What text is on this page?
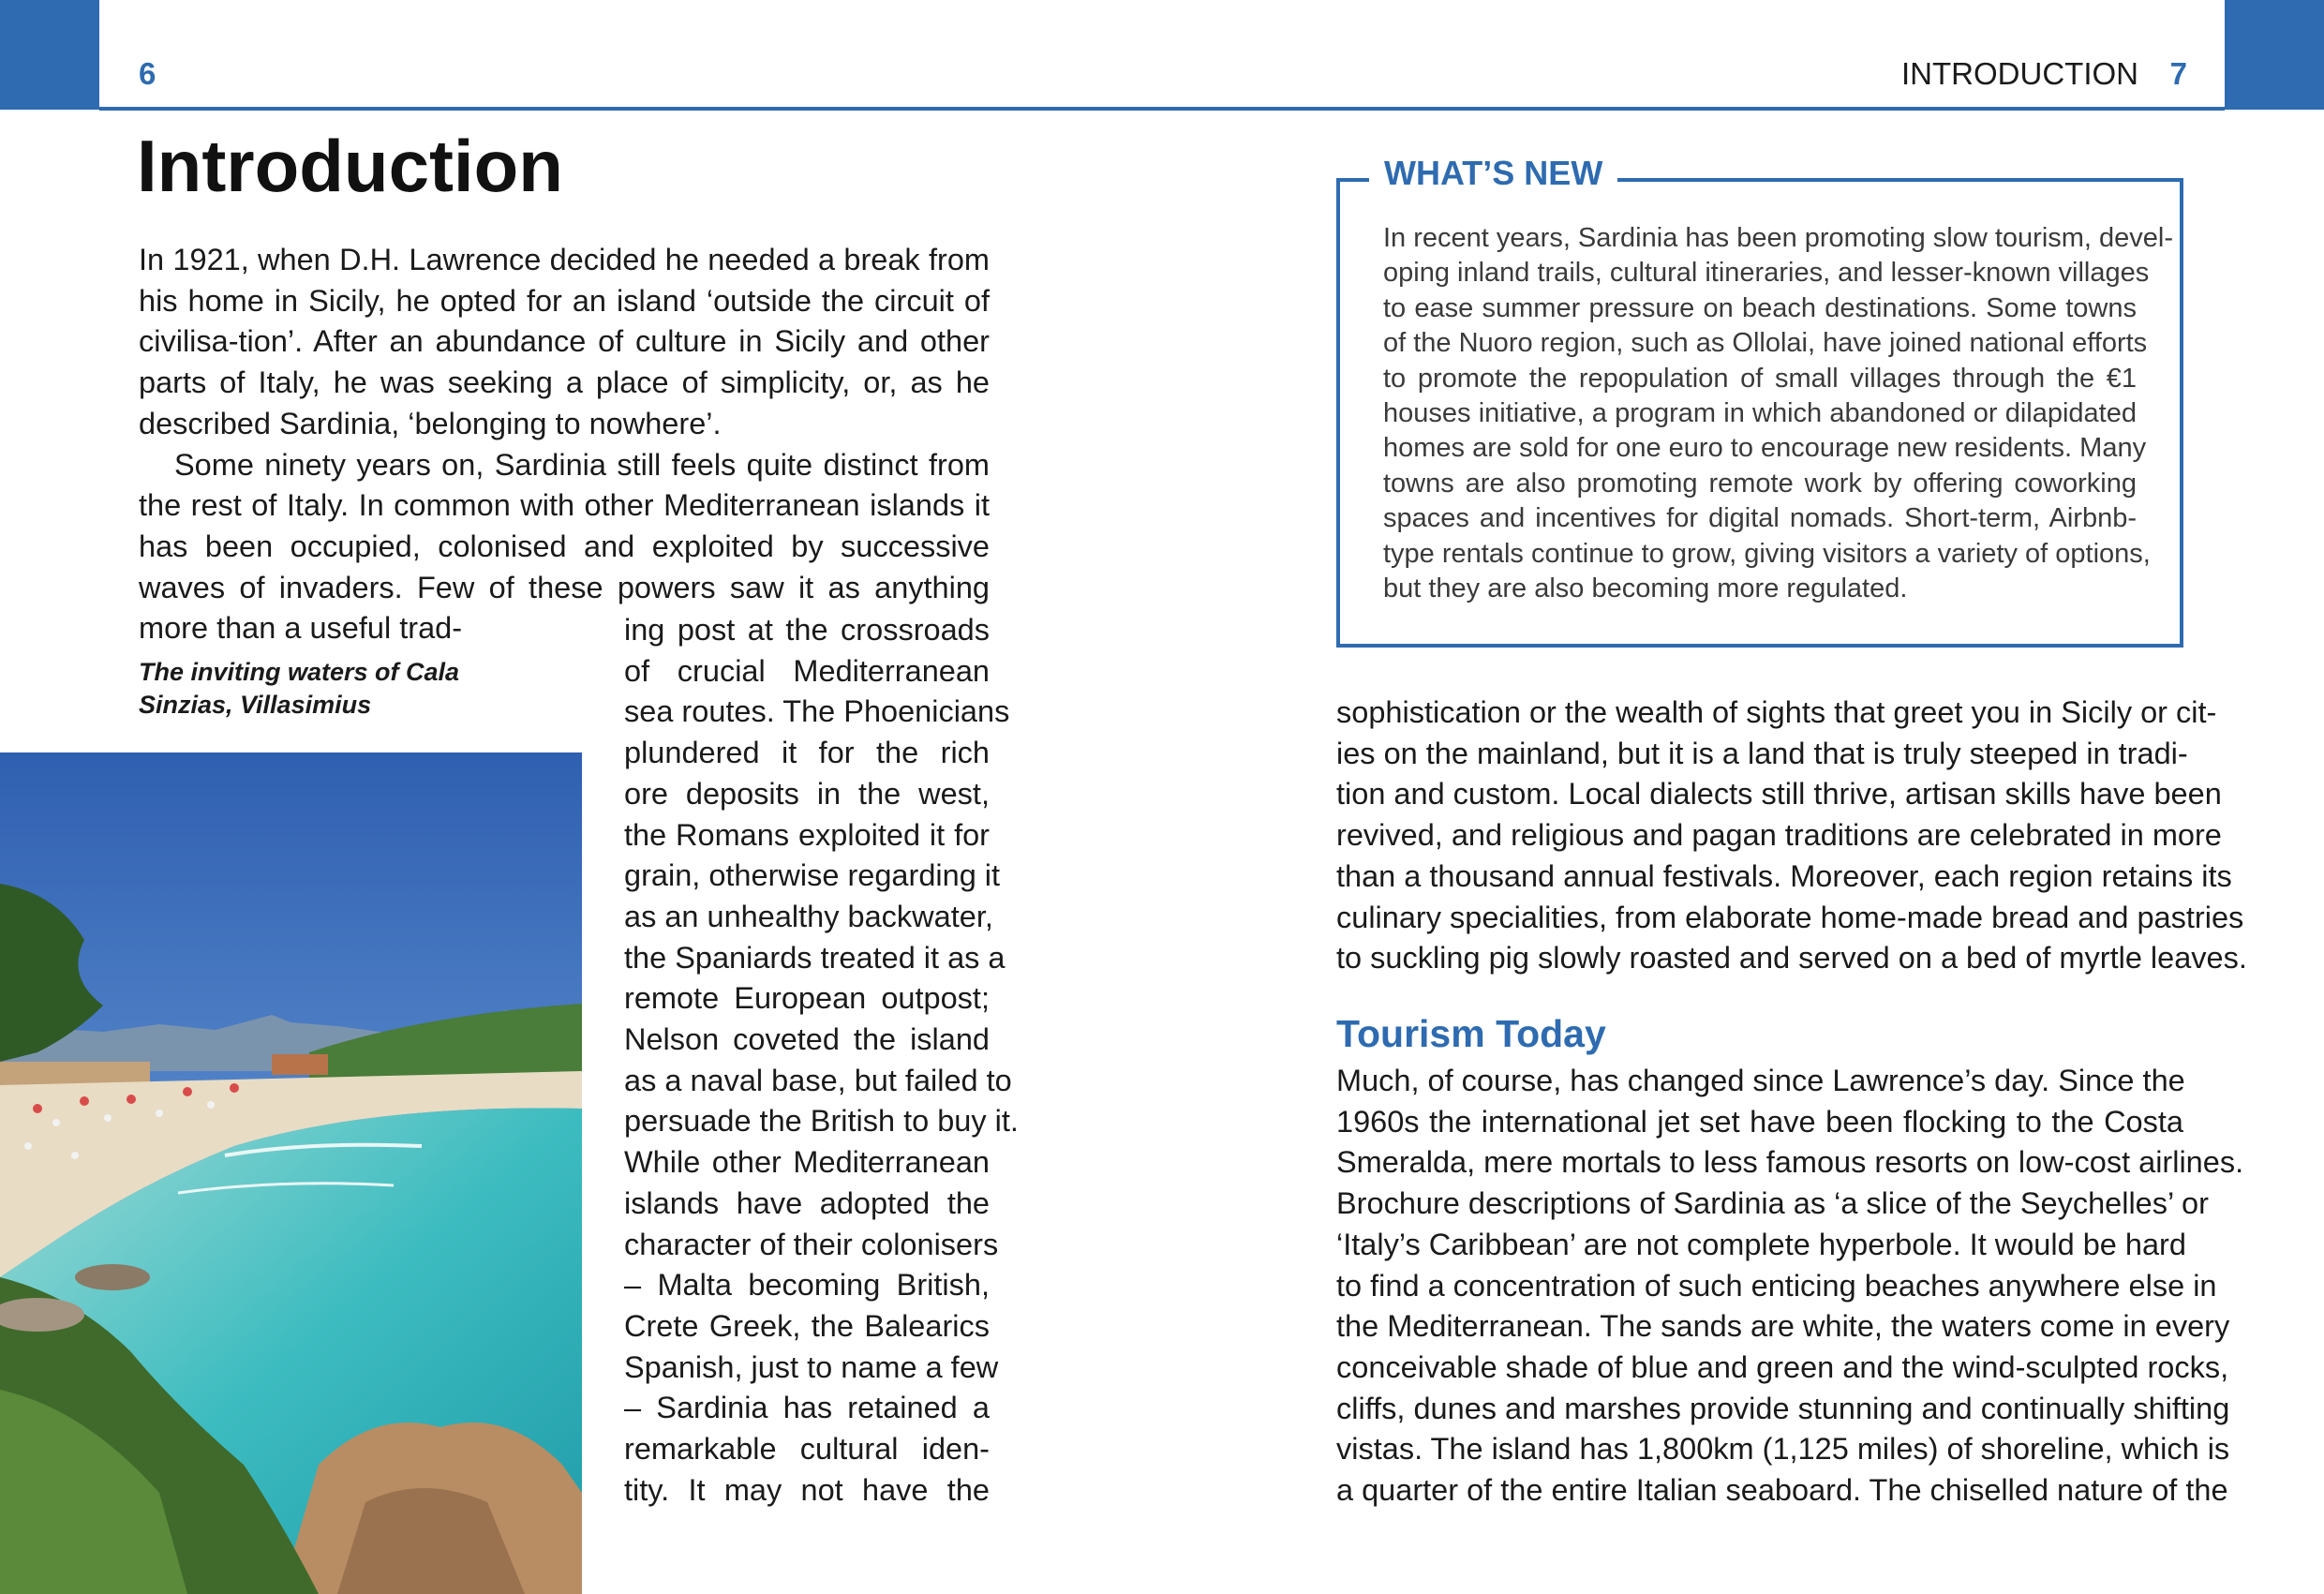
6	INTRODUCTION 7
Introduction

In 1921, when D.H. Lawrence decided he needed a break from his home in Sicily, he opted for an island ‘outside the circuit of civilisa-tion’. After an abundance of culture in Sicily and other parts of Italy, he was seeking a place of simplicity, or, as he described Sardinia, ‘belonging to nowhere’.

Some ninety years on, Sardinia still feels quite distinct from the rest of Italy. In common with other Mediterranean islands it has been occupied, colonised and exploited by successive waves of invaders. Few of these powers saw it as anything more than a useful trad-

The inviting waters of Cala
Sinzias, Villasimius
ing post at the crossroads
of crucial Mediterranean
sea routes. The Phoenicians
plundered it for the rich
ore deposits in the west,
the Romans exploited it for
grain, otherwise regarding it
as an unhealthy backwater,
the Spaniards treated it as a
remote European outpost;
Nelson coveted the island
as a naval base, but failed to
persuade the British to buy it.
While other Mediterranean
islands have adopted the
character of their colonisers
– Malta becoming British,
Crete Greek, the Balearics
Spanish, just to name a few
– Sardinia has retained a
remarkable cultural iden-
tity. It may not have the
WHAT’S NEW
In recent years, Sardinia has been promoting slow tourism, devel-
oping inland trails, cultural itineraries, and lesser-known villages
to ease summer pressure on beach destinations. Some towns
of the Nuoro region, such as Ollolai, have joined national efforts
to promote the repopulation of small villages through the €1
houses initiative, a program in which abandoned or dilapidated
homes are sold for one euro to encourage new residents. Many
towns are also promoting remote work by offering coworking
spaces and incentives for digital nomads. Short-term, Airbnb-
type rentals continue to grow, giving visitors a variety of options,
but they are also becoming more regulated.
sophistication or the wealth of sights that greet you in Sicily or cit-
ies on the mainland, but it is a land that is truly steeped in tradi-
tion and custom. Local dialects still thrive, artisan skills have been
revived, and religious and pagan traditions are celebrated in more
than a thousand annual festivals. Moreover, each region retains its
culinary specialities, from elaborate home-made bread and pastries
to suckling pig slowly roasted and served on a bed of myrtle leaves.
Tourism Today
Much, of course, has changed since Lawrence’s day. Since the
1960s the international jet set have been flocking to the Costa
Smeralda, mere mortals to less famous resorts on low-cost airlines.
Brochure descriptions of Sardinia as ‘a slice of the Seychelles’ or
‘Italy’s Caribbean’ are not complete hyperbole. It would be hard
to find a concentration of such enticing beaches anywhere else in
the Mediterranean. The sands are white, the waters come in every
conceivable shade of blue and green and the wind-sculpted rocks,
cliffs, dunes and marshes provide stunning and continually shifting
vistas. The island has 1,800km (1,125 miles) of shoreline, which is
a quarter of the entire Italian seaboard. The chiselled nature of the
